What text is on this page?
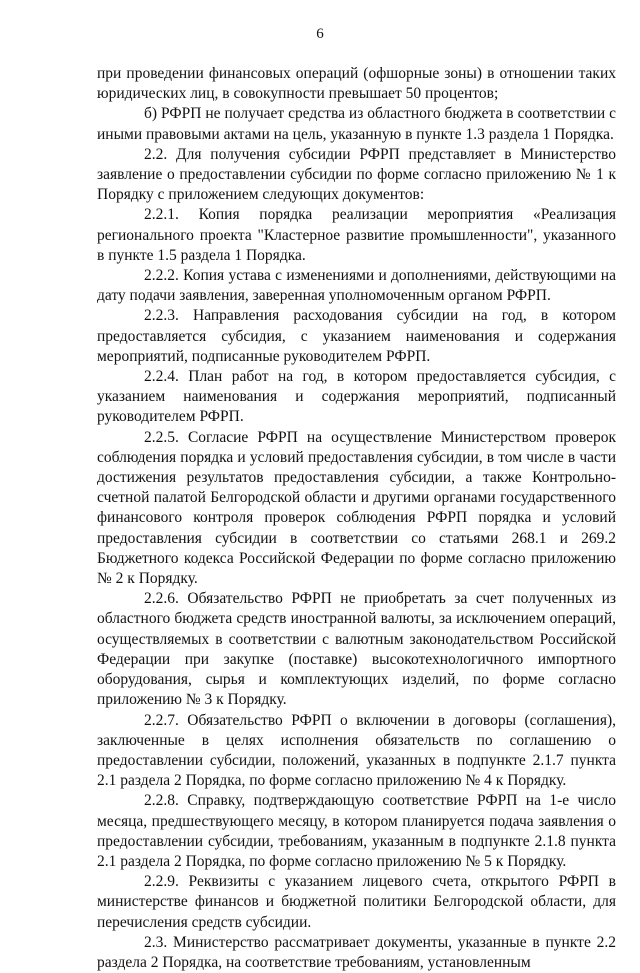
6

при проведении финансовых операций (офшорные зоны) в отношении таких юридических лиц, в совокупности превышает 50 процентов;

б) РФРП не получает средства из областного бюджета в соответствии с иными правовыми актами на цель, указанную в пункте 1.3 раздела 1 Порядка.

2.2. Для получения субсидии РФРП представляет в Министерство заявление о предоставлении субсидии по форме согласно приложению № 1 к Порядку с приложением следующих документов:

2.2.1. Копия порядка реализации мероприятия «Реализация регионального проекта "Кластерное развитие промышленности", указанного в пункте 1.5 раздела 1 Порядка.

2.2.2. Копия устава с изменениями и дополнениями, действующими на дату подачи заявления, заверенная уполномоченным органом РФРП.

2.2.3. Направления расходования субсидии на год, в котором предоставляется субсидия, с указанием наименования и содержания мероприятий, подписанные руководителем РФРП.

2.2.4. План работ на год, в котором предоставляется субсидия, с указанием наименования и содержания мероприятий, подписанный руководителем РФРП.

2.2.5. Согласие РФРП на осуществление Министерством проверок соблюдения порядка и условий предоставления субсидии, в том числе в части достижения результатов предоставления субсидии, а также Контрольно-счетной палатой Белгородской области и другими органами государственного финансового контроля проверок соблюдения РФРП порядка и условий предоставления субсидии в соответствии со статьями 268.1 и 269.2 Бюджетного кодекса Российской Федерации по форме согласно приложению № 2 к Порядку.

2.2.6. Обязательство РФРП не приобретать за счет полученных из областного бюджета средств иностранной валюты, за исключением операций, осуществляемых в соответствии с валютным законодательством Российской Федерации при закупке (поставке) высокотехнологичного импортного оборудования, сырья и комплектующих изделий, по форме согласно приложению № 3 к Порядку.

2.2.7. Обязательство РФРП о включении в договоры (соглашения), заключенные в целях исполнения обязательств по соглашению о предоставлении субсидии, положений, указанных в подпункте 2.1.7 пункта 2.1 раздела 2 Порядка, по форме согласно приложению № 4 к Порядку.

2.2.8. Справку, подтверждающую соответствие РФРП на 1-е число месяца, предшествующего месяцу, в котором планируется подача заявления о предоставлении субсидии, требованиям, указанным в подпункте 2.1.8 пункта 2.1 раздела 2 Порядка, по форме согласно приложению № 5 к Порядку.

2.2.9. Реквизиты с указанием лицевого счета, открытого РФРП в министерстве финансов и бюджетной политики Белгородской области, для перечисления средств субсидии.

2.3. Министерство рассматривает документы, указанные в пункте 2.2 раздела 2 Порядка, на соответствие требованиям, установленным
